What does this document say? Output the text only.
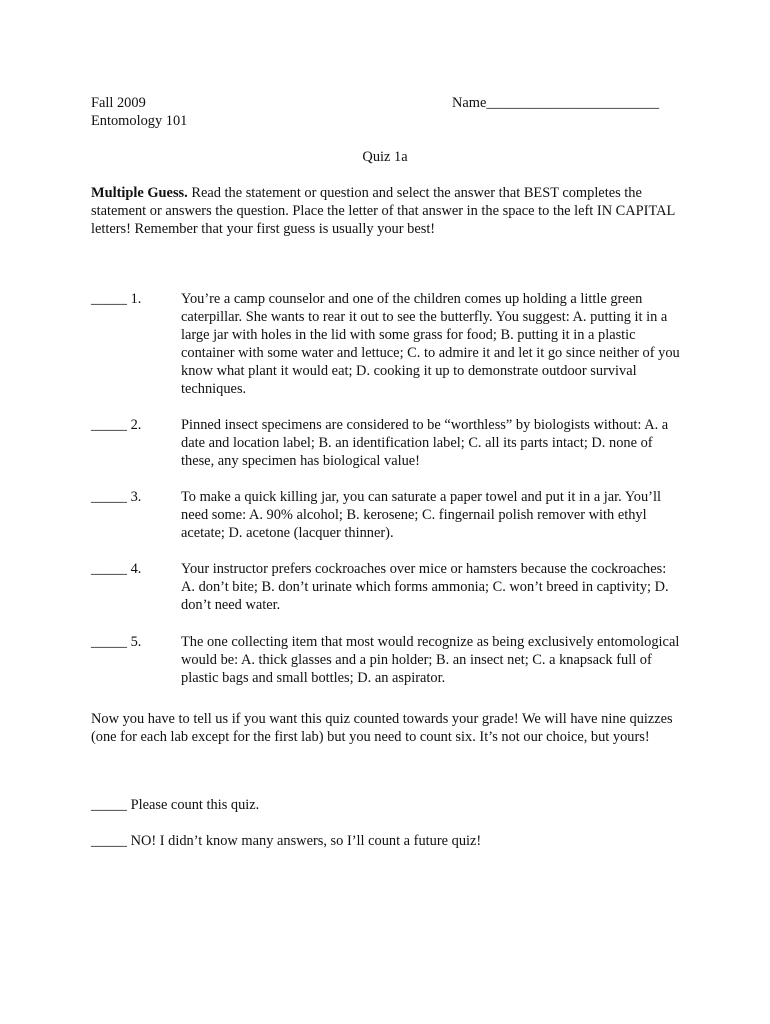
Fall 2009

Entomology 101

Name________________________

Quiz 1a

Multiple Guess. Read the statement or question and select the answer that BEST completes the statement or answers the question. Place the letter of that answer in the space to the left IN CAPITAL letters! Remember that your first guess is usually your best!

_____ 1.	You’re a camp counselor and one of the children comes up holding a little green caterpillar. She wants to rear it out to see the butterfly. You suggest: A. putting it in a large jar with holes in the lid with some grass for food; B. putting it in a plastic container with some water and lettuce; C. to admire it and let it go since neither of you know what plant it would eat; D. cooking it up to demonstrate outdoor survival techniques.

_____ 2.	Pinned insect specimens are considered to be “worthless” by biologists without: A. a date and location label; B. an identification label; C. all its parts intact; D. none of these, any specimen has biological value!

_____ 3.	To make a quick killing jar, you can saturate a paper towel and put it in a jar. You’ll need some: A. 90% alcohol; B. kerosene; C. fingernail polish remover with ethyl acetate; D. acetone (lacquer thinner).

_____ 4.	Your instructor prefers cockroaches over mice or hamsters because the cockroaches: A. don’t bite; B. don’t urinate which forms ammonia; C. won’t breed in captivity; D. don’t need water.

_____ 5.	The one collecting item that most would recognize as being exclusively entomological would be: A. thick glasses and a pin holder; B. an insect net; C. a knapsack full of plastic bags and small bottles; D. an aspirator.

Now you have to tell us if you want this quiz counted towards your grade! We will have nine quizzes (one for each lab except for the first lab) but you need to count six. It’s not our choice, but yours!

_____ Please count this quiz.

_____ NO! I didn’t know many answers, so I’ll count a future quiz!
